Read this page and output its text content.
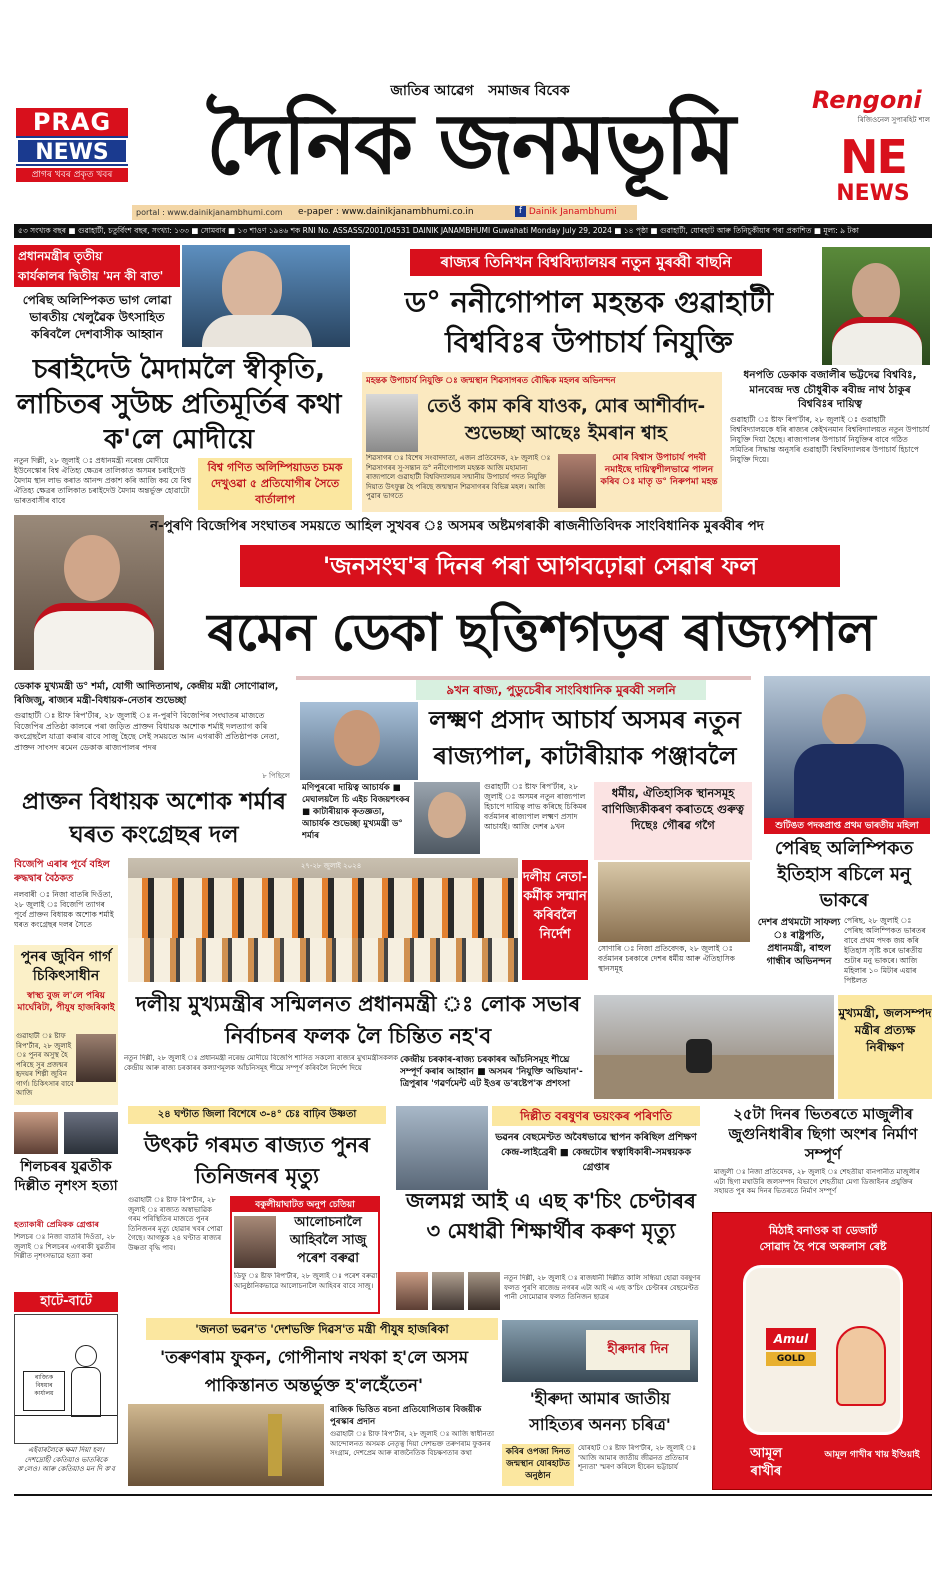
PRAG
NEWS
প্ৰাগৰ খবৰ প্ৰকৃত খবৰ
জাতিৰ আৱেগ সমাজৰ বিবেক
দৈনিক জনমভূমি
portal : www.dainikjanambhumi.com	e-paper : www.dainikjanambhumi.co.in	f Dainik Janambhumi
Rengoni
ৰিজিওনেল সুপাৰহিট শাল
NE
NEWS
৫৩ সংখ্যক বছৰ ■ গুৱাহাটী, চতুৰ্বিংশ বছৰ, সংখ্যা: ১৩৩ ■ সোমবাৰ ■ ১৩ শাওণ ১৯৪৬ শক RNI No. ASSASS/2001/04531 DAINIK JANAMBHUMI Guwahati Monday July 29, 2024 ■ ১৪ পৃষ্ঠা ■ গুৱাহাটী, যোৰহাট আৰু তিনিচুকীয়াৰ পৰা প্ৰকাশিত ■ মূল্য: ৯ টকা
প্ৰধানমন্ত্ৰীৰ তৃতীয়
কাৰ্যকালৰ দ্বিতীয় 'মন কী বাত'
পেৰিছ অলিম্পিকত ভাগ লোৱা ভাৰতীয় খেলুৱৈক উৎসাহিত কৰিবলৈ দেশবাসীক আহ্বান
চৰাইদেউ মৈদামলৈ স্বীকৃতি, লাচিতৰ সুউচ্চ প্ৰতিমূৰ্তিৰ কথা ক'লে মোদীয়ে
নতুন দিল্লী, ২৮ জুলাই ঃ প্ৰধানমন্ত্ৰী নৰেন্দ্ৰ মোদীয়ে ইউনেস্কোৰ বিশ্ব ঐতিহ্য ক্ষেত্ৰৰ তালিকাত অসমৰ চৰাইদেউ মৈদাম স্থান লাভ কৰাত আনন্দ প্ৰকাশ কৰি আজি কয় যে বিশ্ব ঐতিহ্য ক্ষেত্ৰৰ তালিকাত চৰাইদেউ মৈদাম অন্তৰ্ভুক্ত হোৱাটো ভাৰতবাসীৰ বাবে
বিশ্ব গণিত অলিম্পিয়াডত চমক দেখুওৱা ৫ প্ৰতিযোগীৰ সৈতে বাৰ্তালাপ
ৰাজ্যৰ তিনিখন বিশ্ববিদ্যালয়ৰ নতুন মুৰব্বী বাছনি
ড° ননীগোপাল মহন্তক গুৱাহাটী বিশ্ববিঃৰ উপাচাৰ্য নিযুক্তি
ধনপতি ডেকাক বজালীৰ ভট্টদেৱ বিশ্ববিঃ, মানবেন্দ্ৰ দত্ত চৌধুৰীক ৰবীন্দ্ৰ নাথ ঠাকুৰ বিশ্ববিঃৰ দায়িত্ব
গুৱাহাটী ঃ ষ্টাফ ৰিপ'ৰ্টাৰ, ২৮ জুলাই ঃ গুৱাহাটী বিশ্ববিদ্যালয়কে ধৰি ৰাজ্যৰ কেইখনমান বিশ্ববিদ্যালয়ত নতুন উপাচাৰ্য নিযুক্তি দিয়া হৈছে। ৰাজ্যপালৰ উপাচাৰ্য নিযুক্তিৰ বাবে গঠিত সমিতিৰ সিদ্ধান্ত অনুসৰি গুৱাহাটী বিশ্ববিদ্যালয়ৰ উপাচাৰ্য হিচাপে নিযুক্তি দিয়ে।
মহন্তক উপাচাৰ্য নিযুক্তি ঃ জন্মস্থান শিৱসাগৰত বৌদ্ধিক মহলৰ অভিনন্দন
তেওঁ কাম কৰি যাওক, মোৰ আশীৰ্বাদ-শুভেচ্ছা আছেঃ ইমৰান শ্বাহ
শিৱসাগৰ ঃ বিশেষ সংবাদদাতা, এজন প্ৰতিবেদক, ২৮ জুলাই ঃ শিৱসাগৰৰ সু-সন্তান ড° ননীগোপাল মহন্তক আজি মহামান্য ৰাজ্যপালে গুৱাহাটী বিশ্ববিদ্যালয়ৰ সন্মানীয় উপাচাৰ্য পদত নিযুক্তি দিয়াত উৎফুল্ল হৈ পৰিছে জন্মস্থান শিৱসাগৰৰ বিভিন্ন মহল। আজি পুৱাৰ ভাগতে
মোৰ বিশ্বাস উপাচাৰ্য পদবী নমাইছে দায়িত্বশীলভাৱে পালন কৰিব ঃ মাতৃ ড° নিৰুপমা মহন্ত
ন-পুৰণি বিজেপিৰ সংঘাতৰ সময়তে আহিল সুখবৰ ঃ অসমৰ অষ্টমগৰাকী ৰাজনীতিবিদক সাংবিধানিক মুৰব্বীৰ পদ
'জনসংঘ'ৰ দিনৰ পৰা আগবঢ়োৱা সেৱাৰ ফল
ৰমেন ডেকা ছত্তিশগড়ৰ ৰাজ্যপাল
ডেকাক মুখ্যমন্ত্ৰী ড° শৰ্মা, যোগী আদিত্যনাথ, কেন্দ্ৰীয় মন্ত্ৰী সোণোৱাল, ৰিজিজু, ৰাজ্যৰ মন্ত্ৰী-বিধায়ক-নেতাৰ শুভেচ্ছা
গুৱাহাটী ঃ ষ্টাফ ৰিপ'ৰ্টাৰ, ২৮ জুলাই ঃ ন-পুৰণি বিজেপিৰ সংঘাতৰ মাজতে বিজেপিৰ প্ৰতিষ্ঠা কালৰে পৰা জড়িত প্ৰাক্তন বিধায়ক অশোক শৰ্মাই দলত্যাগ কৰি কংগ্ৰেছলৈ যাত্ৰা কৰাৰ বাবে সাজু হৈছে সেই সময়তে আন এগৰাকী প্ৰতিষ্ঠাপক নেতা, প্ৰাক্তন সাংসদ ৰমেন ডেকাক ৰাজ্যপালৰ পদৰ
৮ পিছিলে
৯খন ৰাজ্য, পুডুচেৰীৰ সাংবিধানিক মুৰব্বী সলনি
লক্ষ্মণ প্ৰসাদ আচাৰ্য অসমৰ নতুন ৰাজ্যপাল, কাটাৰীয়াক পঞ্জাবলৈ
মণিপুৰৰো দায়িত্ব আচাৰ্যক ■ মেঘালয়লৈ চি এইচ বিজয়শংকৰ ■ কাটাৰীয়াক কৃতজ্ঞতা, আচাৰ্যক শুভেচ্ছা মুখ্যমন্ত্ৰী ড° শৰ্মাৰ
গুৱাহাটী ঃ ষ্টাফ ৰিপ'ৰ্টাৰ, ২৮ জুলাই ঃ অসমৰ নতুন ৰাজ্যপাল হিচাপে দায়িত্ব লাভ কৰিছে চিকিমৰ বৰ্তমানৰ ৰাজ্যপাল লক্ষ্মণ প্ৰসাদ আচাৰ্যই। আজি দেশৰ ৯খন	শুটিঙত পদকপ্ৰাপ্ত প্ৰথম ভাৰতীয় মহিলা
পেৰিছ অলিম্পিকত ইতিহাস ৰচিলে মনু ভাকৰে
দেশৰ প্ৰথমটো সাফল্য ঃ ৰাষ্ট্ৰপতি, প্ৰধানমন্ত্ৰী, ৰাহুল গান্ধীৰ অভিনন্দন
পেৰিছ, ২৮ জুলাই ঃ পেৰিছ অলিম্পিকত ভাৰতৰ বাবে প্ৰথম পদক জয় কৰি ইতিহাস সৃষ্টি কৰে ভাৰতীয় শুটাৰ মনু ভাকৰে। আজি মহিলাৰ ১০ মিটাৰ এয়াৰ পিষ্টলত
প্ৰাক্তন বিধায়ক অশোক শৰ্মাৰ ঘৰত কংগ্ৰেছৰ দল
বিজেপি এৰাৰ পূৰ্বে বহিল ৰুদ্ধদ্বাৰ বৈঠকত
নলবাৰী ঃ নিজা বাতৰি দিওঁতা, ২৮ জুলাই ঃ বিজেপি ত্যাগৰ পূৰ্বে প্ৰাক্তন বিধায়ক অশোক শৰ্মাই ঘৰত কংগ্ৰেছৰ দলৰ সৈতে
ধৰ্মীয়, ঐতিহাসিক স্থানসমূহ বাণিজ্যিকীকৰণ কৰাতহে গুৰুত্ব দিছেঃ গৌৰৱ গগৈ
সোণাৰি ঃ নিজা প্ৰতিবেদক, ২৮ জুলাই ঃ বৰ্তমানৰ চৰকাৰে দেশৰ ধৰ্মীয় আৰু ঐতিহাসিক স্থানসমূহ
২৭-২৮ জুলাই ২০২৪
দলীয় নেতা-কৰ্মীক সন্মান কৰিবলৈ নিৰ্দেশ
দলীয় মুখ্যমন্ত্ৰীৰ সন্মিলনত প্ৰধানমন্ত্ৰী ঃ লোক সভাৰ নিৰ্বাচনৰ ফলক লৈ চিন্তিত নহ'ব
নতুন দিল্লী, ২৮ জুলাই ঃ প্ৰধানমন্ত্ৰী নৰেন্দ্ৰ মোদীয়ে বিজেপি শাসিত সকলো ৰাজ্যৰ মুখ্যমন্ত্ৰীসকলক কেন্দ্ৰীয় আৰু ৰাজ্য চৰকাৰৰ কল্যাণমূলক আঁচনিসমূহ শীঘ্ৰে সম্পূৰ্ণ কৰিবলৈ নিৰ্দেশ দিয়ে
কেন্দ্ৰীয় চৰকাৰ-ৰাজ্য চৰকাৰৰ আঁচনিসমূহ শীঘ্ৰে সম্পূৰ্ণ কৰাৰ আহ্বান ■ অসমৰ 'নিযুক্তি অভিযান'-ত্ৰিপুৰাৰ 'গৱৰ্ণমেন্ট এট ইওৰ ড'ৰষ্টেপ'ক প্ৰশংসা
পুনৰ জুবিন গাৰ্গ চিকিৎসাধীন
স্বাস্থ্য বুজ ল'লে পৰিয় মাৰ্ঘেৰিটা, পীযুষ হাজৰিকাই
গুৱাহাটী ঃ ষ্টাফ ৰিপ'ৰ্টাৰ, ২৮ জুলাই ঃ পুনৰ অসুস্থ হৈ পৰিছে সুৰ প্ৰজন্মৰ হৃদয়ৰ শিল্পী জুবিন গাৰ্গ। চিকিৎসাৰ বাবে আজি
শিলচৰৰ যুৱতীক দিল্লীত নৃশংস হত্যা
হত্যাকাৰী প্ৰেমিকক গ্ৰেপ্তাৰ
শিলচৰ ঃ নিজা বাতৰি দিওঁতা, ২৮ জুলাই ঃ শিলচৰৰ এগৰাকী যুৱতীৰ দিল্লীত নৃশংসভাৱে হত্যা কৰা
হাটে-বাটে
ৰাজ্যিক বিষয়াৰ কাৰ্যালয়
এইবাৰলৈকে ক্ষমা দিয়া হল। দেশদ্ৰোহী কেতিয়াও ভাতৰিকে ক'লেও। আৰু কেতিয়াও মন দি ক'ব
২৪ ঘণ্টাত জিলা বিশেষে ৩-৪° চেঃ বাঢ়িব উষ্ণতা
উৎকট গৰমত ৰাজ্যত পুনৰ তিনিজনৰ মৃত্যু
গুৱাহাটী ঃ ষ্টাফ ৰিপ'ৰ্টাৰ, ২৮ জুলাই ঃ ৰাজ্যত অস্বাভাৱিক গৰম পৰিস্থিতিৰ মাজতে পুনৰ তিনিজনৰ মৃত্যু হোৱাৰ খবৰ পোৱা গৈছে। আগন্তুক ২৪ ঘণ্টাত ৰাজ্যৰ উষ্ণতা বৃদ্ধি পাব।
বকুলীয়াঘাটত অনুপ চেতিয়া
আলোচনালৈ আহিবলৈ সাজু পৰেশ বৰুৱা
ডিফু ঃ ষ্টাফ ৰিপ'ৰ্টাৰ, ২৮ জুলাই ঃ পৰেশ বৰুৱা আনুষ্ঠানিকভাৱে আলোচনালৈ আহিবৰ বাবে সাজু।
দিল্লীত বৰষুণৰ ভয়ংকৰ পৰিণতি
ভৱনৰ বেছমেণ্টত অবৈধভাৱে স্থাপন কৰিছিল প্ৰশিক্ষণ কেন্দ্ৰ-লাইব্ৰেৰী ■ কেন্দ্ৰটোৰ স্বত্বাধিকাৰী-সমন্বয়কক গ্ৰেপ্তাৰ
জলমগ্ন আই এ এছ ক'চিং চেণ্টাৰৰ ৩ মেধাৱী শিক্ষাৰ্থীৰ কৰুণ মৃত্যু
নতুন দিল্লী, ২৮ জুলাই ঃ ৰাজধানী দিল্লীত কালি সন্ধিয়া হোৱা বৰষুণৰ ফলত পুৰণি ৰাজেন্দ্ৰ নগৰৰ এটা আই এ এছ ক'চিং চেণ্টাৰৰ বেছমেণ্টত পানী সোমোৱাৰ ফলত তিনিজন ছাত্ৰৰ
মুখ্যমন্ত্ৰী, জলসম্পদ মন্ত্ৰীৰ প্ৰত্যক্ষ নিৰীক্ষণ
২৫টা দিনৰ ভিতৰতে মাজুলীৰ জুগুনিধাৰীৰ ছিগা অংশৰ নিৰ্মাণ সম্পূৰ্ণ
মাজুলী ঃ নিজা প্ৰতিবেদক, ২৮ জুলাই ঃ শেহতীয়া বানপানীত মাজুলীৰ এটা ছিগা মথাউৰি জলসম্পদ বিভাগে শেহতীয়া মেগা ডিজাইনৰ প্ৰযুক্তিৰ সহায়ত পুৰ কম দিনৰ ভিতৰতে নিৰ্মাণ সম্পূৰ্ণ
মিঠাই বনাওক বা ডেজাৰ্ট
সোৱাদ হৈ পৰে অকলাস ৰেষ্ট
Amul
GOLD
আমূল
ৰাখীৰ
আমূল গাখীৰ খায় ইণ্ডিয়াই
'জনতা ভৱন'ত 'দেশভক্তি দিৱস'ত মন্ত্ৰী পীযুষ হাজৰিকা
'তৰুণৰাম ফুকন, গোপীনাথ নথকা হ'লে অসম পাকিস্তানত অন্তৰ্ভুক্ত হ'লহেঁতেন'
ৰাজিক ভিত্তিত ৰচনা প্ৰতিযোগিতাৰ বিজয়ীক পুৰস্কাৰ প্ৰদান
গুৱাহাটী ঃ ষ্টাফ ৰিপ'ৰ্টাৰ, ২৮ জুলাই ঃ আজি স্বাধীনতা আন্দোলনত অসমক নেতৃত্ব দিয়া দেশভক্ত তৰুণৰাম ফুকনৰ সংগ্ৰাম, দেশপ্ৰেম আৰু ৰাজনৈতিক বিচক্ষণতাৰ কথা
হীৰুদাৰ দিন
'হীৰুদা আমাৰ জাতীয় সাহিত্যৰ অনন্য চৰিত্ৰ'
কবিৰ ওপজা দিনত জন্মস্থান যোৰহাটত অনুষ্ঠান
যোৰহাট ঃ ষ্টাফ ৰিপ'ৰ্টাৰ, ২৮ জুলাই ঃ 'আজি আমাৰ জাতীয় জীৱনত প্ৰতিভাৰ শূন্যতা' স্মৰণ কৰিলে হীৰেন ভট্টাচাৰ্য
